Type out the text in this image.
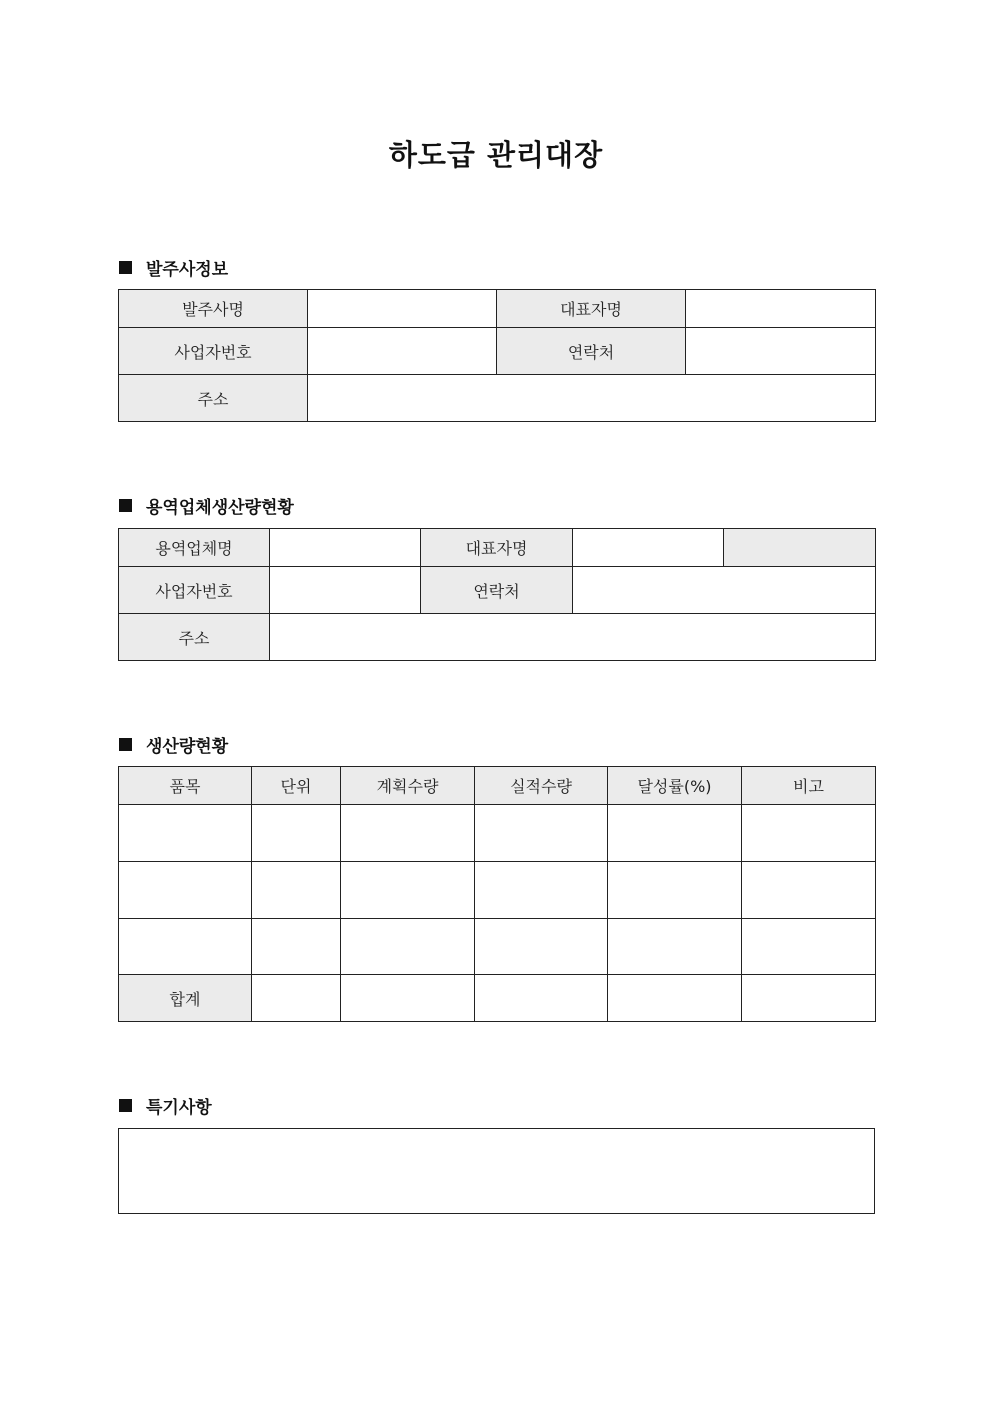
하도급 관리대장
발주사정보
발주사명		대표자명	
사업자번호		연락처	
주소			
용역업체생산량현황
용역업체명		대표자명		
사업자번호		연락처		
주소				
생산량현황
품목	단위	계획수량	실적수량	달성률(%)	비고

합계					
특기사항
